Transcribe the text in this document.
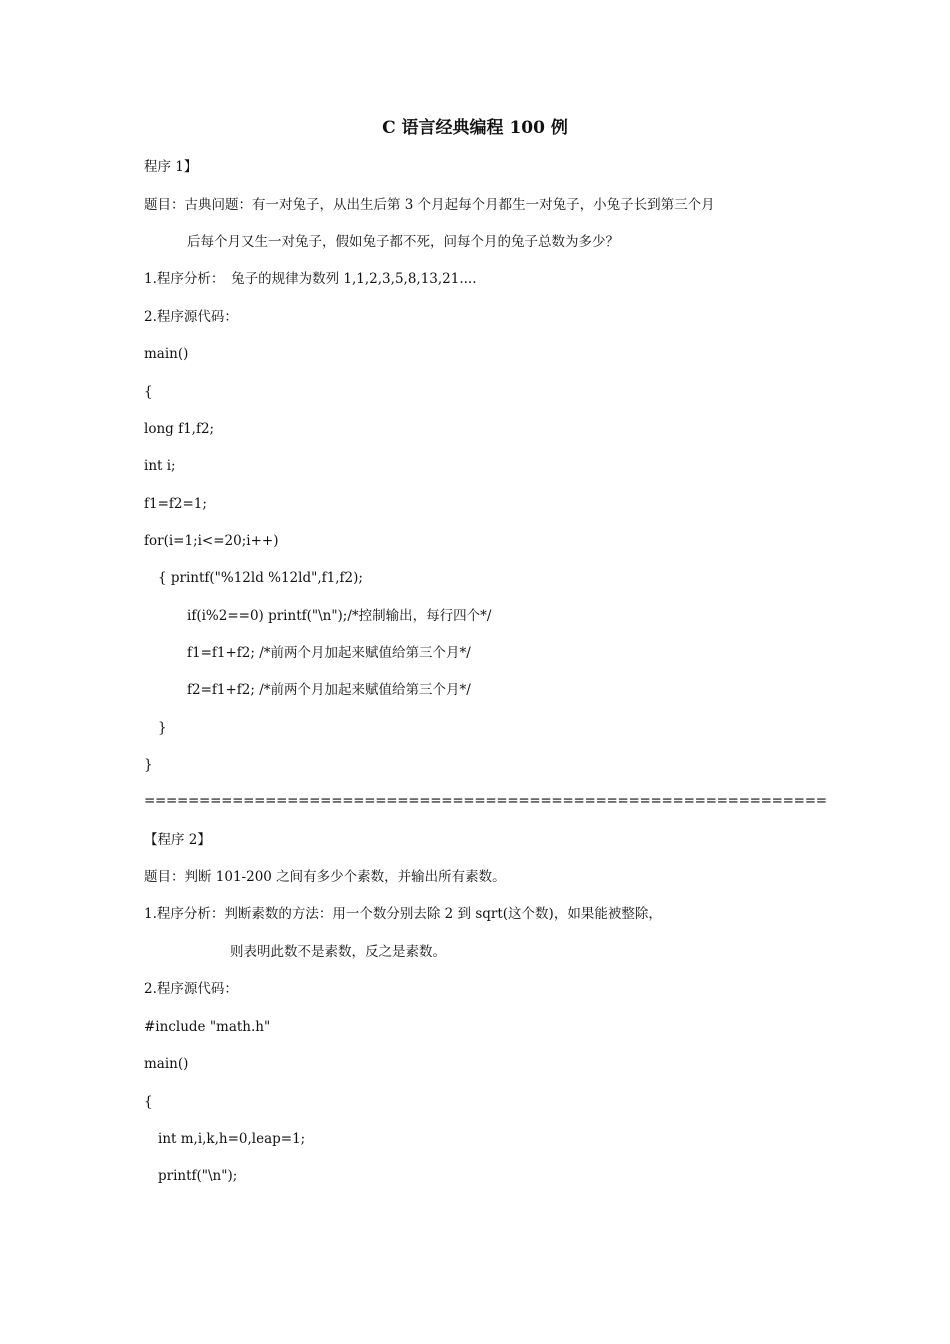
C 语言经典编程 100 例
程序 1】
题目：古典问题：有一对兔子，从出生后第 3 个月起每个月都生一对兔子，小兔子长到第三个月
后每个月又生一对兔子，假如兔子都不死，问每个月的兔子总数为多少？
1.程序分析：　兔子的规律为数列 1,1,2,3,5,8,13,21....
2.程序源代码：
main()
{
long f1,f2;
int i;
f1=f2=1;
for(i=1;i<=20;i++)
{ printf("%12ld %12ld",f1,f2);
if(i%2==0) printf("\n");/*控制输出，每行四个*/
f1=f1+f2; /*前两个月加起来赋值给第三个月*/
f2=f1+f2; /*前两个月加起来赋值给第三个月*/
}
}
==============================================================
【程序 2】
题目：判断 101-200 之间有多少个素数，并输出所有素数。
1.程序分析：判断素数的方法：用一个数分别去除 2 到 sqrt(这个数)，如果能被整除，
则表明此数不是素数，反之是素数。
2.程序源代码：
#include "math.h"
main()
{
int m,i,k,h=0,leap=1;
printf("\n");
